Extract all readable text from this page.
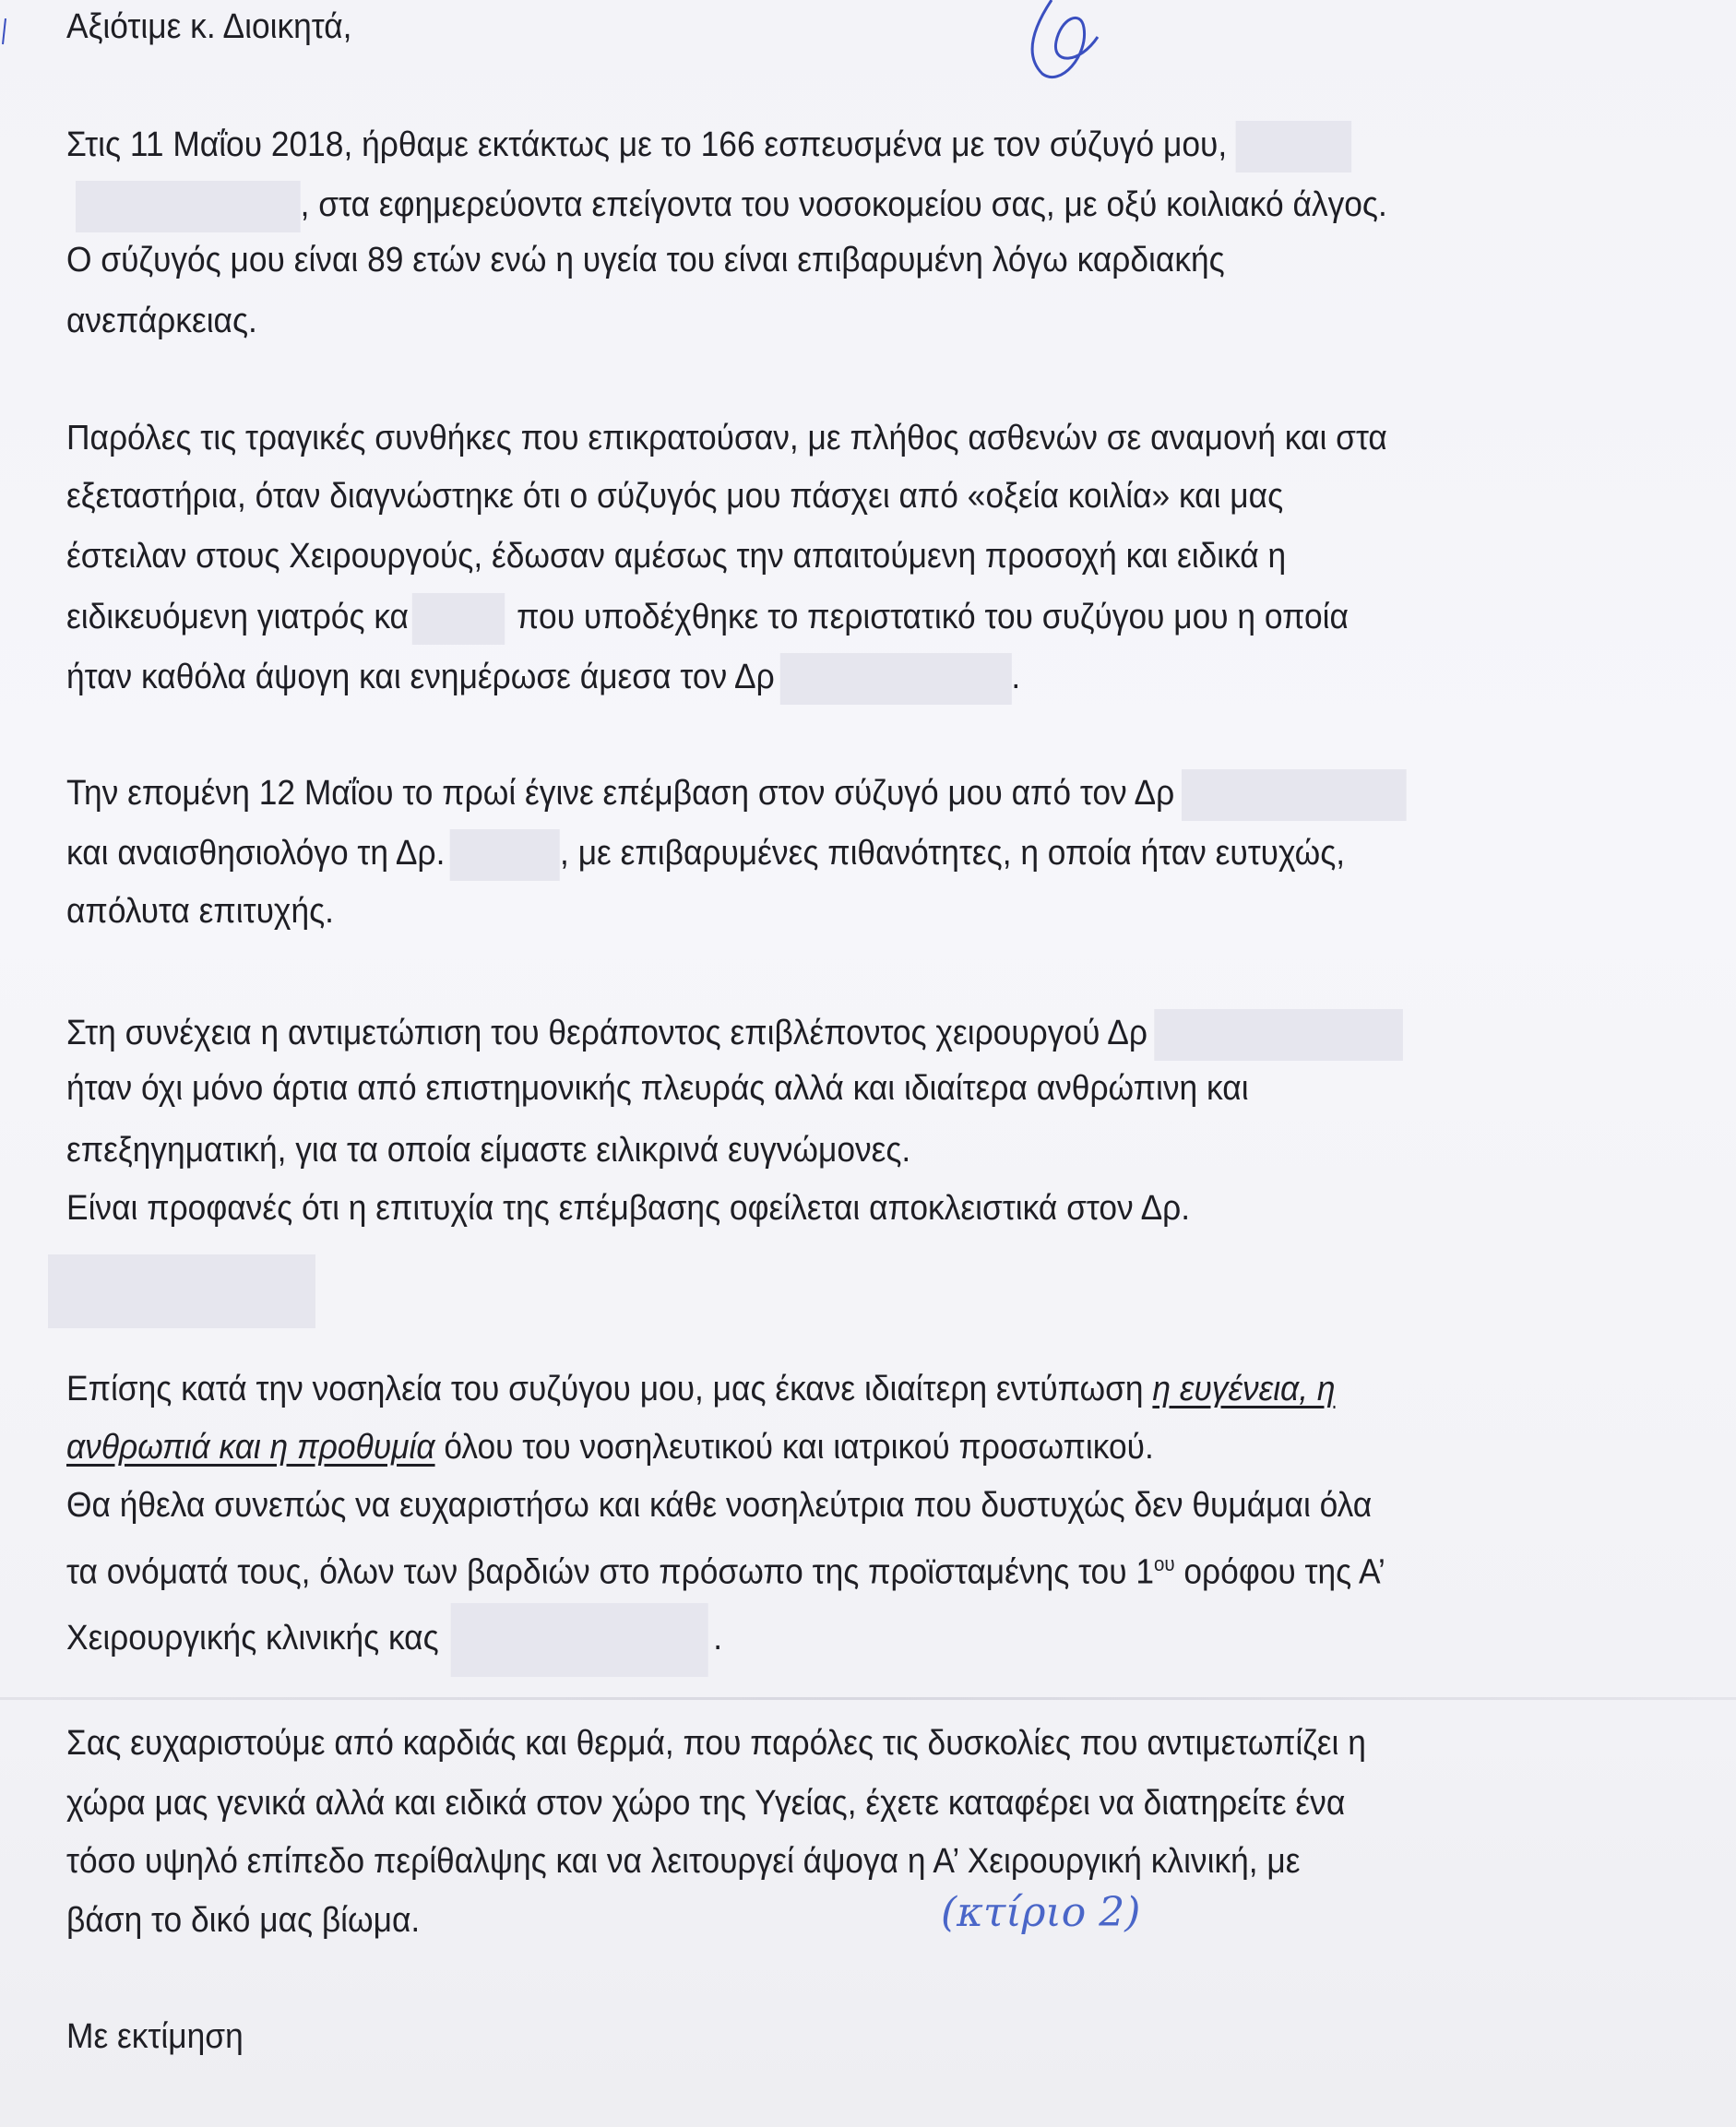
Αξιότιμε κ. Διοικητά,
Στις 11 Μαΐου 2018, ήρθαμε εκτάκτως με το 166 εσπευσμένα με τον σύζυγό μου,
, στα εφημερεύοντα επείγοντα του νοσοκομείου σας, με οξύ κοιλιακό άλγος.
Ο σύζυγός μου είναι 89 ετών ενώ η υγεία του είναι επιβαρυμένη λόγω καρδιακής
ανεπάρκειας.
Παρόλες τις τραγικές συνθήκες που επικρατούσαν, με πλήθος ασθενών σε αναμονή και στα
εξεταστήρια, όταν διαγνώστηκε ότι ο σύζυγός μου πάσχει από «οξεία κοιλία» και μας
έστειλαν στους Χειρουργούς, έδωσαν αμέσως την απαιτούμενη προσοχή και ειδικά η
ειδικευόμενη γιατρός κα	που υποδέχθηκε το περιστατικό του συζύγου μου η οποία
ήταν καθόλα άψογη και ενημέρωσε άμεσα τον Δρ	.
Την επομένη 12 Μαΐου το πρωί έγινε επέμβαση στον σύζυγό μου από τον Δρ
και αναισθησιολόγο τη Δρ.	, με επιβαρυμένες πιθανότητες, η οποία ήταν ευτυχώς,
απόλυτα επιτυχής.
Στη συνέχεια η αντιμετώπιση του θεράποντος επιβλέποντος χειρουργού Δρ
ήταν όχι μόνο άρτια από επιστημονικής πλευράς αλλά και ιδιαίτερα ανθρώπινη και
επεξηγηματική, για τα οποία είμαστε ειλικρινά ευγνώμονες.
Είναι προφανές ότι η επιτυχία της επέμβασης οφείλεται αποκλειστικά στον Δρ.
Επίσης κατά την νοσηλεία του συζύγου μου, μας έκανε ιδιαίτερη εντύπωση η ευγένεια, η
ανθρωπιά και η προθυμία όλου του νοσηλευτικού και ιατρικού προσωπικού.
Θα ήθελα συνεπώς να ευχαριστήσω και κάθε νοσηλεύτρια που δυστυχώς δεν θυμάμαι όλα
τα ονόματά τους, όλων των βαρδιών στο πρόσωπο της προϊσταμένης του $1^{o\upsilon}$ ορόφου της Α’
Χειρουργικής κλινικής κας	.
Σας ευχαριστούμε από καρδιάς και θερμά, που παρόλες τις δυσκολίες που αντιμετωπίζει η
χώρα μας γενικά αλλά και ειδικά στον χώρο της Υγείας, έχετε καταφέρει να διατηρείτε ένα
τόσο υψηλό επίπεδο περίθαλψης και να λειτουργεί άψογα η Α’ Χειρουργική κλινική, με
βάση το δικό μας βίωμα.	(κτίριο 2)
Με εκτίμηση
